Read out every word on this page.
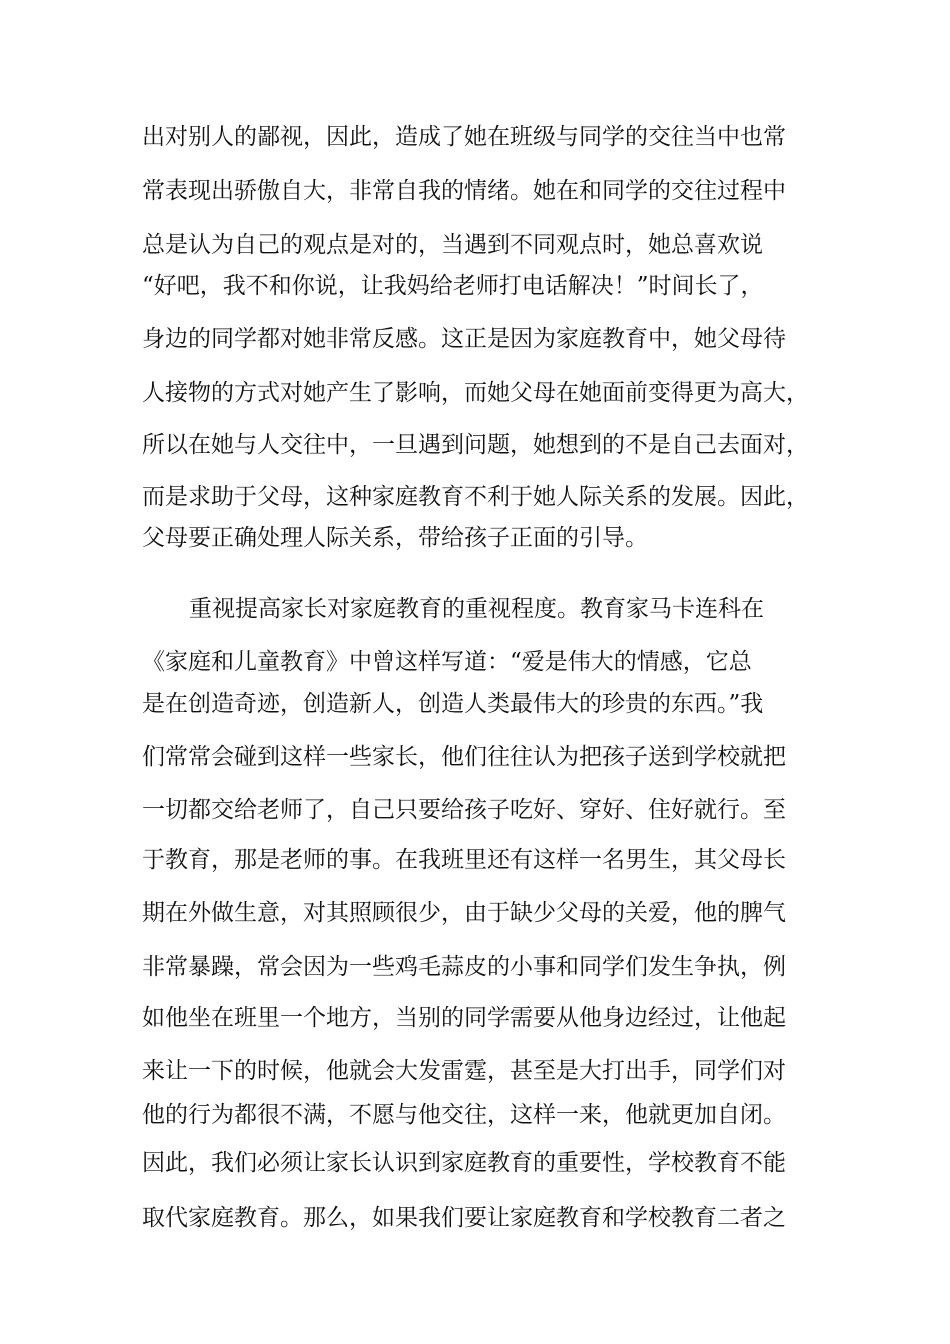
出对别人的鄙视，因此，造成了她在班级与同学的交往当中也常
常表现出骄傲自大，非常自我的情绪。她在和同学的交往过程中
总是认为自己的观点是对的，当遇到不同观点时，她总喜欢说
“好吧，我不和你说，让我妈给老师打电话解决！”时间长了，
身边的同学都对她非常反感。这正是因为家庭教育中，她父母待
人接物的方式对她产生了影响，而她父母在她面前变得更为高大，
所以在她与人交往中，一旦遇到问题，她想到的不是自己去面对，
而是求助于父母，这种家庭教育不利于她人际关系的发展。因此，
父母要正确处理人际关系，带给孩子正面的引导。
重视提高家长对家庭教育的重视程度。教育家马卡连科在
《家庭和儿童教育》中曾这样写道：“爱是伟大的情感，它总
是在创造奇迹，创造新人，创造人类最伟大的珍贵的东西。”我
们常常会碰到这样一些家长，他们往往认为把孩子送到学校就把
一切都交给老师了，自己只要给孩子吃好、穿好、住好就行。至
于教育，那是老师的事。在我班里还有这样一名男生，其父母长
期在外做生意，对其照顾很少，由于缺少父母的关爱，他的脾气
非常暴躁，常会因为一些鸡毛蒜皮的小事和同学们发生争执，例
如他坐在班里一个地方，当别的同学需要从他身边经过，让他起
来让一下的时候，他就会大发雷霆，甚至是大打出手，同学们对
他的行为都很不满，不愿与他交往，这样一来，他就更加自闭。
因此，我们必须让家长认识到家庭教育的重要性，学校教育不能
取代家庭教育。那么，如果我们要让家庭教育和学校教育二者之
